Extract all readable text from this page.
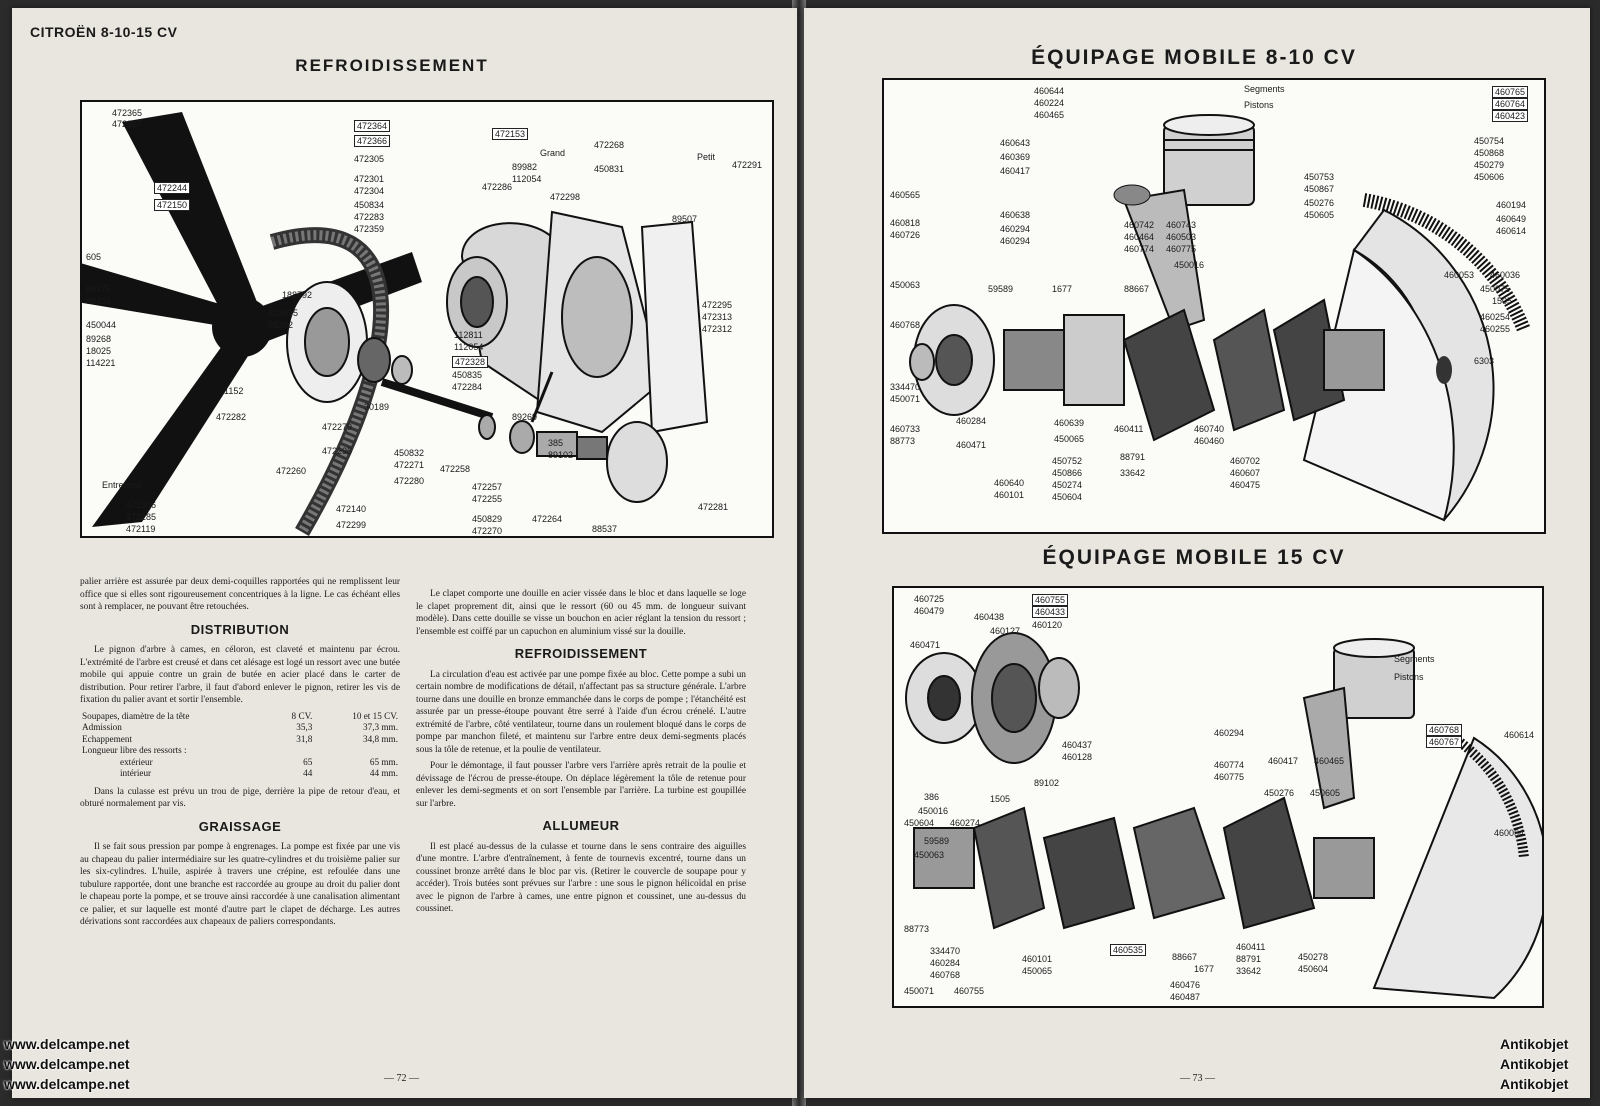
CITROËN 8-10-15 CV
REFROIDISSEMENT
472365
472367
472244
472150
605
88475
88435
450044
89268
18025
114221
472364
472366
472305
472301
472304
472153
Grand
472268
450831
Petit
472291
89982
112054
472298
450834
472283
472359
472286
89507
188792
128835
88282
472295
472313
472312
112811
112054
472328
450835
472284
1152
472282
472279
472296
30189
89269
385
89102
450832
472271
472280
472258
472260
Entretoise
472306
472285
472119
472257
472255
472140
472299
450829
472270
472264
88537
472281

palier arrière est assurée par deux demi-coquilles rapportées qui ne remplissent leur office que si elles sont rigoureusement concentriques à la ligne. Le cas échéant elles sont à remplacer, ne pouvant être retouchées.

DISTRIBUTION

Le pignon d'arbre à cames, en céloron, est claveté et maintenu par écrou. L'extrémité de l'arbre est creusé et dans cet alésage est logé un ressort avec une butée mobile qui appuie contre un grain de butée en acier placé dans le carter de distribution. Pour retirer l'arbre, il faut d'abord enlever le pignon, retirer les vis de fixation du palier avant et sortir l'ensemble.

Soupapes, diamètre de la tête	8 CV.	10 et 15 CV.
Admission	35,3	37,3 mm.
Echappement	31,8	34,8 mm.
Longueur libre des ressorts :		
extérieur	65	65 mm.
intérieur	44	44 mm.

Dans la culasse est prévu un trou de pige, derrière la pipe de retour d'eau, et obturé normalement par vis.

GRAISSAGE

Il se fait sous pression par pompe à engrenages. La pompe est fixée par une vis au chapeau du palier intermédiaire sur les quatre-cylindres et du troisième palier sur les six-cylindres. L'huile, aspirée à travers une crépine, est refoulée dans une tubulure rapportée, dont une branche est raccordée au groupe au droit du palier dont le chapeau porte la pompe, et se trouve ainsi raccordée à une canalisation alimentant ce palier, et sur laquelle est monté d'autre part le clapet de décharge. Les autres dérivations sont raccordées aux chapeaux de paliers correspondants.

Le clapet comporte une douille en acier vissée dans le bloc et dans laquelle se loge le clapet proprement dit, ainsi que le ressort (60 ou 45 mm. de longueur suivant modèle). Dans cette douille se visse un bouchon en acier réglant la tension du ressort ; l'ensemble est coiffé par un capuchon en aluminium vissé sur la douille.

REFROIDISSEMENT

La circulation d'eau est activée par une pompe fixée au bloc. Cette pompe a subi un certain nombre de modifications de détail, n'affectant pas sa structure générale. L'arbre tourne dans une douille en bronze emmanchée dans le corps de pompe ; l'étanchéité est assurée par un presse-étoupe pouvant être serré à l'aide d'un écrou crénelé. L'autre extrémité de l'arbre, côté ventilateur, tourne dans un roulement bloqué dans le corps de pompe par manchon fileté, et maintenu sur l'arbre entre deux demi-segments placés sous la tôle de retenue, et la poulie de ventilateur.

Pour le démontage, il faut pousser l'arbre vers l'arrière après retrait de la poulie et dévissage de l'écrou de presse-étoupe. On déplace légèrement la tôle de retenue pour enlever les demi-segments et on sort l'ensemble par l'arrière. La turbine est goupillée sur l'arbre.

ALLUMEUR

Il est placé au-dessus de la culasse et tourne dans le sens contraire des aiguilles d'une montre. L'arbre d'entraînement, à fente de tournevis excentré, tourne dans un coussinet bronze arrêté dans le bloc par vis. (Retirer le couvercle de soupape pour y accéder). Trois butées sont prévues sur l'arbre : une sous le pignon hélicoïdal en prise avec le pignon de l'arbre à cames, une entre pignon et coussinet, une au-dessus du coussinet.

— 72 —
ÉQUIPAGE MOBILE 8-10 CV
460644
460224
460465
Segments
Pistons
460643
460369
460417
460565
460818
460726
460638
460294
460294
450063	59589	1677	88667
460768
460742 460743
460464 460503
460774 460775
450016
460765
460764
460423
450754
450868
450279
450606
450753
450867
450276
450605
460194
460649
460614
460053 460036
450075
1505
460254
460255
6303
334470
450071
460284
460471
460733
88773
460639
450065
460411	460740
460460
88791
33642
460702
460607
460475
460640
460101
450752
450866
450274
450604
ÉQUIPAGE MOBILE 15 CV
460725
460479
460438
460127
460755
460433
460120
460471
460437
460128
89102
460294
460417 460465
460774
460775
450276 450605
Segments
Pistons
460768
460767
460614
386	1505
450016
450604 460274
59589
450063
88773
334470
460284
460768
450071 460755
460101
450065
460535
88667
1677
460411
88791
33642
460476
460487
450278
450604
460054
— 73 —
www.delcampe.net
www.delcampe.net
www.delcampe.net
Antikobjet
Antikobjet
Antikobjet
